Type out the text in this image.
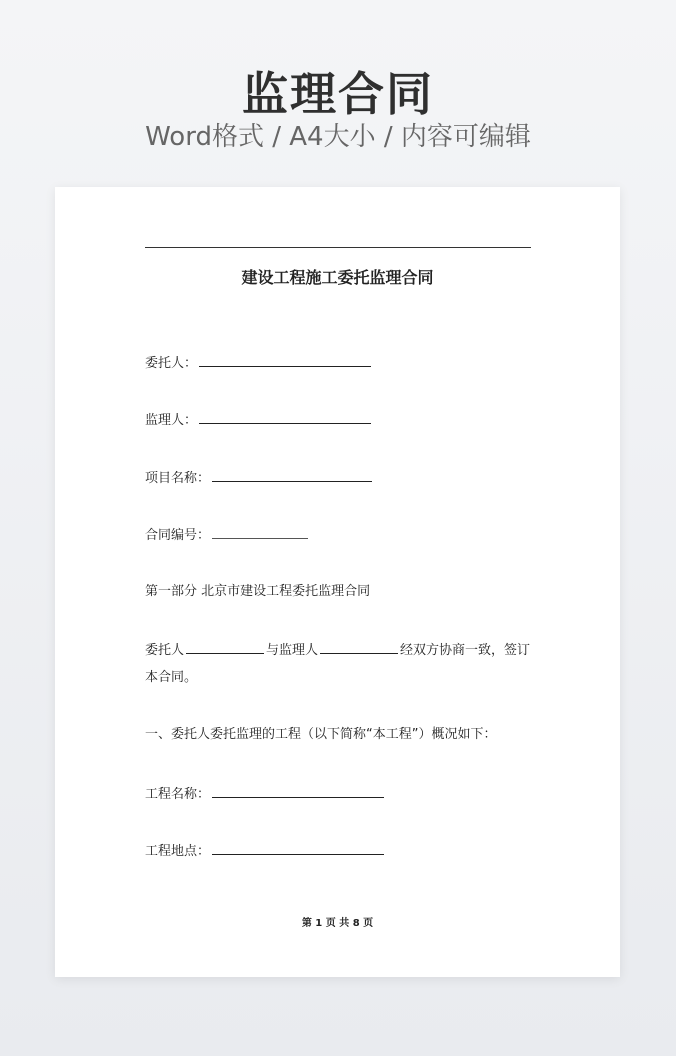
监理合同
Word格式 / A4大小 / 内容可编辑
建设工程施工委托监理合同
委托人：
监理人：
项目名称：
合同编号：
第一部分 北京市建设工程委托监理合同
委托人	与监理人	经双方协商一致，签订
本合同。
一、委托人委托监理的工程（以下简称“本工程”）概况如下：
工程名称：
工程地点：
第 1 页 共 8 页
